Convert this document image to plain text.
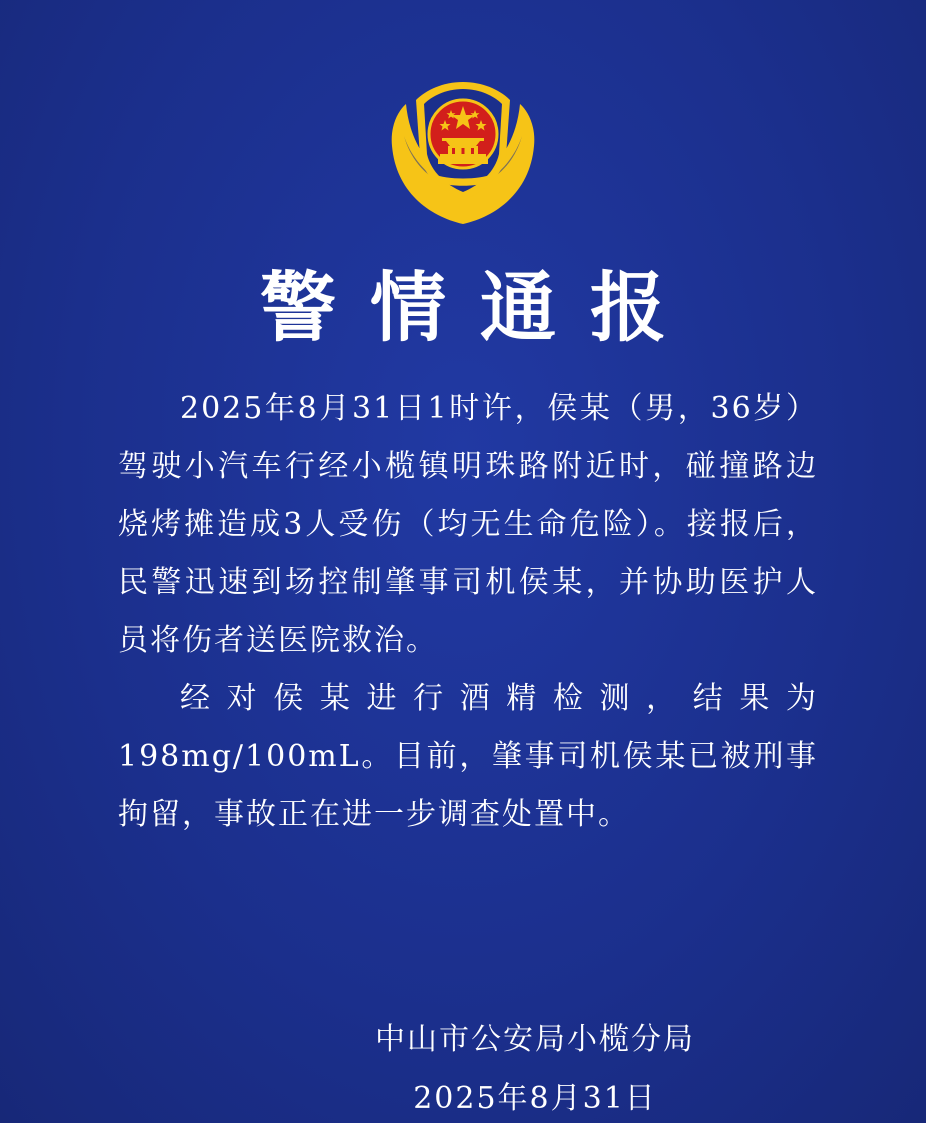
警情通报

2025年8月31日1时许，侯某（男，36岁）驾驶小汽车行经小榄镇明珠路附近时，碰撞路边烧烤摊造成3人受伤（均无生命危险）。接报后，民警迅速到场控制肇事司机侯某，并协助医护人员将伤者送医院救治。

经对侯某进行酒精检测，结果为198mg/100mL。目前，肇事司机侯某已被刑事拘留，事故正在进一步调查处置中。

中山市公安局小榄分局
2025年8月31日
